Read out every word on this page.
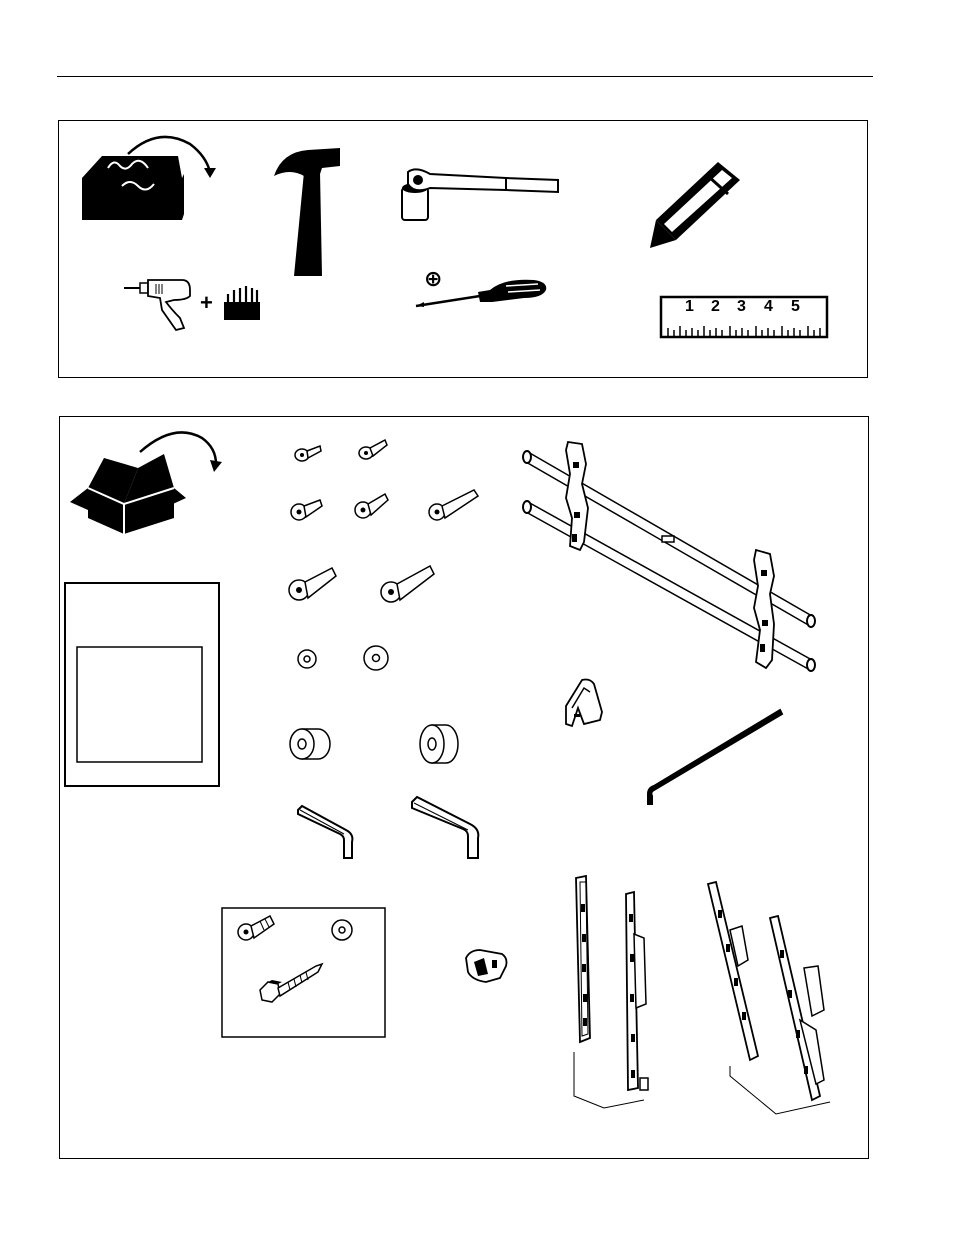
+
⊕
1 2 3 4 5
